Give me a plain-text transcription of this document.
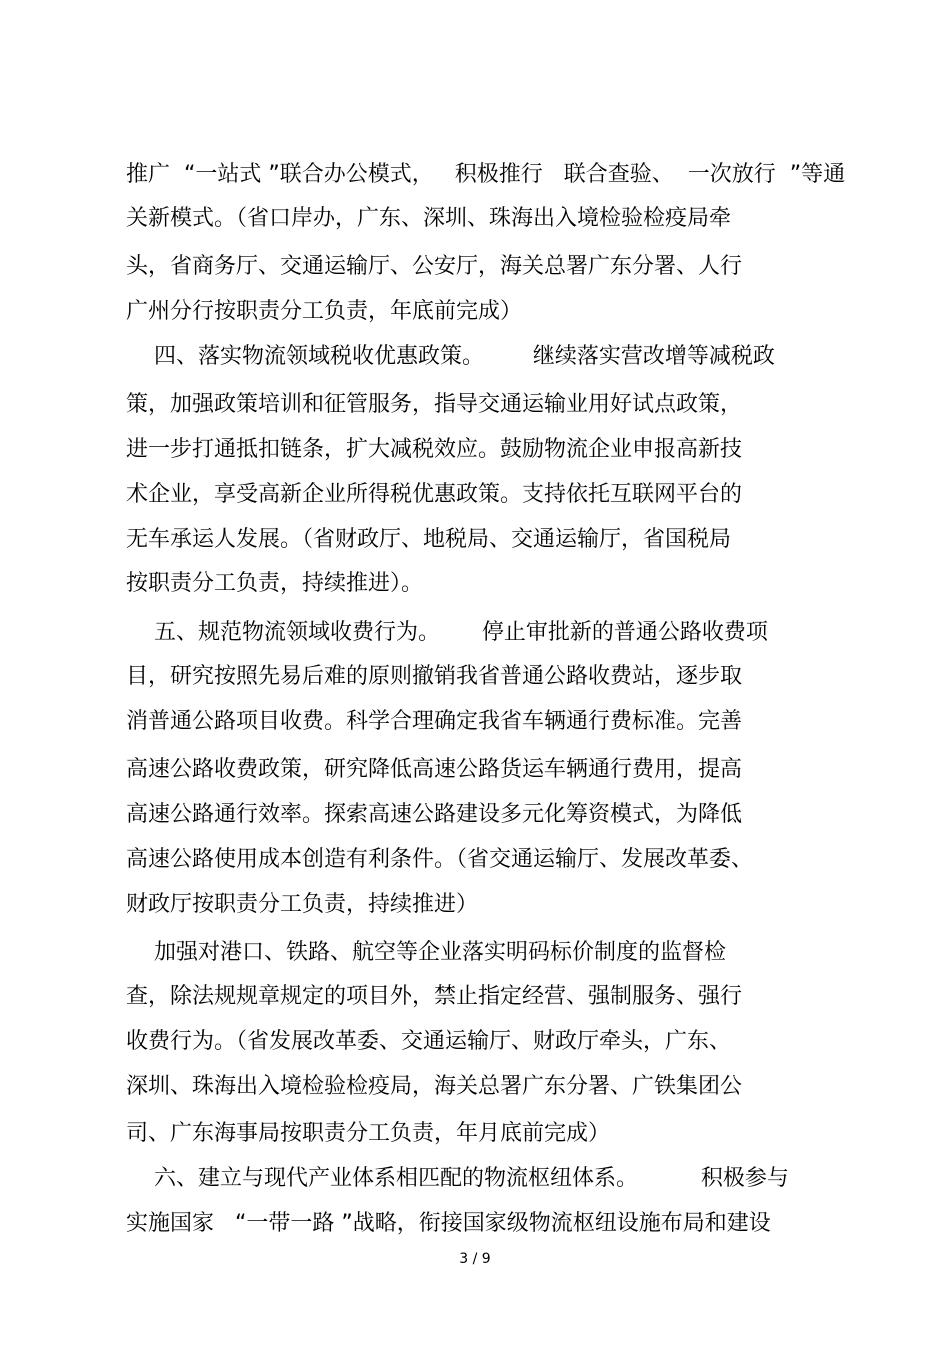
推广  “一站式 ”联合办公模式，   积极推行   联合查验、  一次放行  ”等通
关新模式。（省口岸办，广东、深圳、珠海出入境检验检疫局牵
头，省商务厅、交通运输厅、公安厅，海关总署广东分署、人行
广州分行按职责分工负责，年底前完成）
四、落实物流领域税收优惠政策。       继续落实营改增等减税政
策，加强政策培训和征管服务，指导交通运输业用好试点政策，
进一步打通抵扣链条，扩大减税效应。鼓励物流企业申报高新技
术企业，享受高新企业所得税优惠政策。支持依托互联网平台的
无车承运人发展。（省财政厅、地税局、交通运输厅，省国税局
按职责分工负责，持续推进）。
五、规范物流领域收费行为。      停止审批新的普通公路收费项
目，研究按照先易后难的原则撤销我省普通公路收费站，逐步取
消普通公路项目收费。科学合理确定我省车辆通行费标准。完善
高速公路收费政策，研究降低高速公路货运车辆通行费用，提高
高速公路通行效率。探索高速公路建设多元化筹资模式，为降低
高速公路使用成本创造有利条件。（省交通运输厅、发展改革委、
财政厅按职责分工负责，持续推进）
加强对港口、铁路、航空等企业落实明码标价制度的监督检
查，除法规规章规定的项目外，禁止指定经营、强制服务、强行
收费行为。（省发展改革委、交通运输厅、财政厅牵头，广东、
深圳、珠海出入境检验检疫局，海关总署广东分署、广铁集团公
司、广东海事局按职责分工负责，年月底前完成）
六、建立与现代产业体系相匹配的物流枢纽体系。         积极参与
实施国家   “一带一路 ”战略，衔接国家级物流枢纽设施布局和建设
3 / 9
